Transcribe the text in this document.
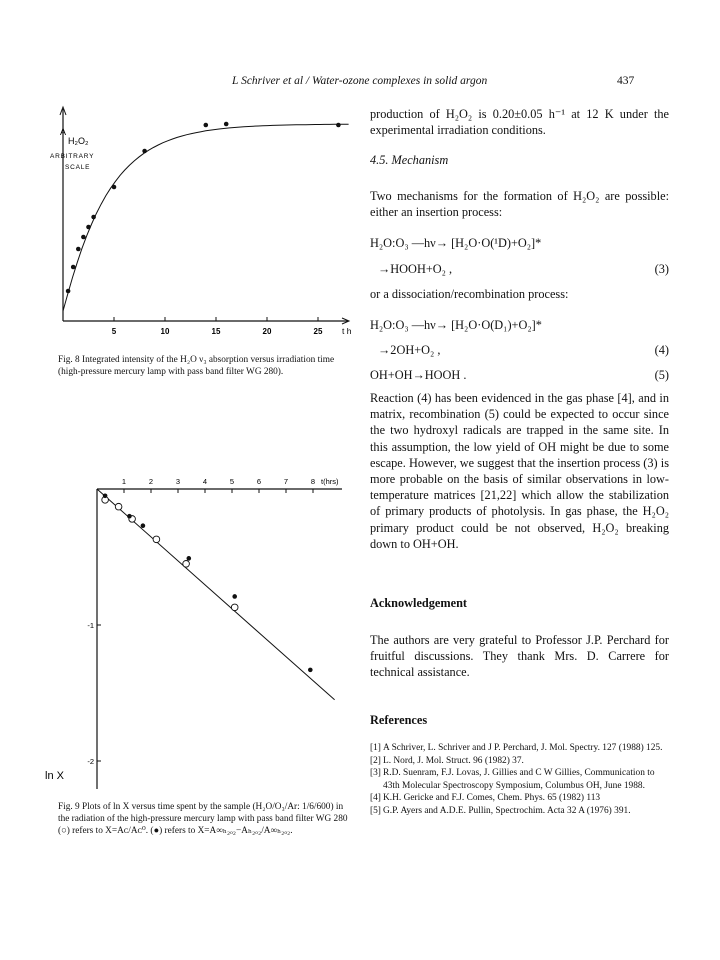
L Schriver et al / Water-ozone complexes in solid argon	437
5	10	15	20	25 t h
A
H₂O₂
ARBITRARY
SCALE
Fig. 8 Integrated intensity of the H₂O ν₃ absorption versus irradiation time (high-pressure mercury lamp with pass band filter WG 280).
1	2	3	4	5	6	7	8 t(hrs)
-1
-2
ln X
Fig. 9 Plots of ln X versus time spent by the sample (H₂O/O₃/Ar: 1/6/600) in the radiation of the high-pressure mercury lamp with pass band filter WG 280 (○) refers to X=Aᴄ/Aᴄ⁰. (●) refers to X=A∞ₕ₂ₒ₂−Aₕ₂ₒ₂/A∞ₕ₂ₒ₂.

production of H₂O₂ is 0.20±0.05 h⁻¹ at 12 K under the experimental irradiation conditions.

4.5. Mechanism

Two mechanisms for the formation of H₂O₂ are possible: either an insertion process:

H₂O:O₃ —hν→ [H₂O·O(¹D)+O₂]*
→HOOH+O₂ ,	(3)

or a dissociation/recombination process:

H₂O:O₃ —hν→ [H₂O·O(D₁)+O₂]*
→2OH+O₂ ,	(4)
OH+OH→HOOH .	(5)

Reaction (4) has been evidenced in the gas phase [4], and in matrix, recombination (5) could be expected to occur since the two hydroxyl radicals are trapped in the same site. In this assumption, the low yield of OH might be due to some escape. However, we suggest that the insertion process (3) is more probable on the basis of similar observations in low-temperature matrices [21,22] which allow the stabilization of primary products of photolysis. In gas phase, the H₂O₂ primary product could be not observed, H₂O₂ breaking down to OH+OH.

Acknowledgement

The authors are very grateful to Professor J.P. Perchard for fruitful discussions. They thank Mrs. D. Carrere for technical assistance.

References
[1] A Schriver, L. Schriver and J P. Perchard, J. Mol. Spectry. 127 (1988) 125.
[2] L. Nord, J. Mol. Struct. 96 (1982) 37.
[3] R.D. Suenram, F.J. Lovas, J. Gillies and C W Gillies, Communication to 43th Molecular Spectroscopy Symposium, Columbus OH, June 1988.
[4] K.H. Gericke and F.J. Comes, Chem. Phys. 65 (1982) 113
[5] G.P. Ayers and A.D.E. Pullin, Spectrochim. Acta 32 A (1976) 391.
